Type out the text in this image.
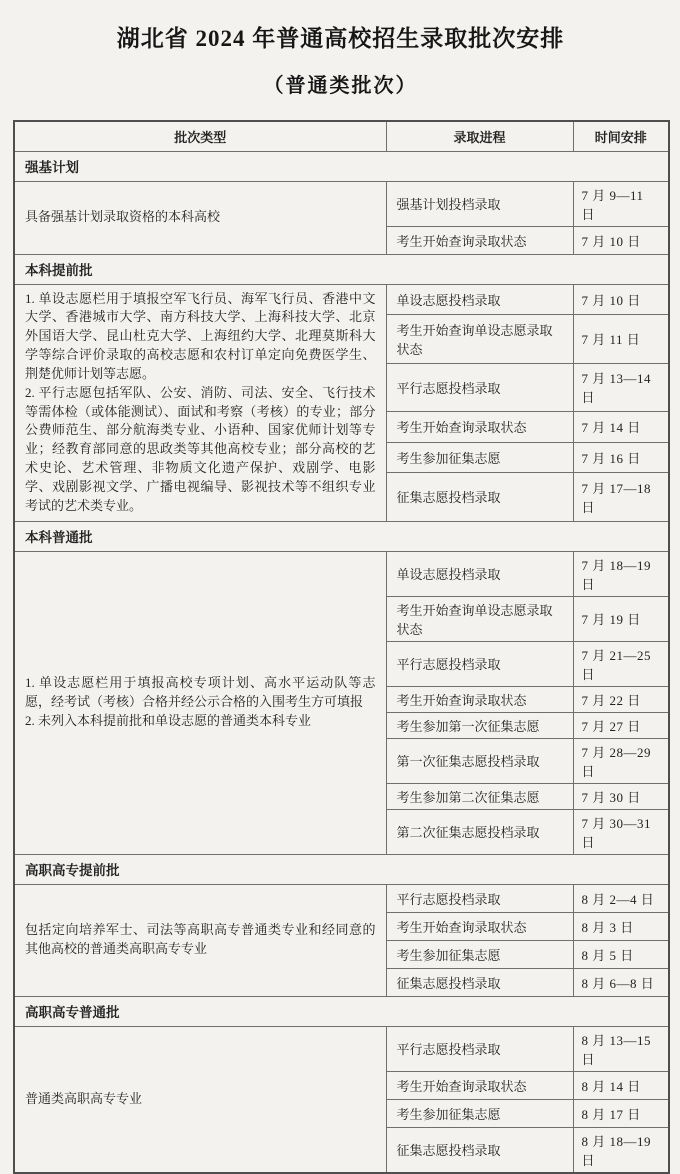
湖北省 2024 年普通高校招生录取批次安排
（普通类批次）
批次类型	录取进程	时间安排
强基计划		

具备强基计划录取资格的本科高校	强基计划投档录取	7 月 9—11 日
	考生开始查询录取状态	7 月 10 日
本科提前批		

1. 单设志愿栏用于填报空军飞行员、海军飞行员、香港中文大学、香港城市大学、南方科技大学、上海科技大学、北京外国语大学、昆山杜克大学、上海纽约大学、北理莫斯科大学等综合评价录取的高校志愿和农村订单定向免费医学生、荆楚优师计划等志愿。
2. 平行志愿包括军队、公安、消防、司法、安全、飞行技术等需体检（或体能测试）、面试和考察（考核）的专业；部分公费师范生、部分航海类专业、小语种、国家优师计划等专业；经教育部同意的思政类等其他高校专业；部分高校的艺术史论、艺术管理、非物质文化遗产保护、戏剧学、电影学、戏剧影视文学、广播电视编导、影视技术等不组织专业考试的艺术类专业。	单设志愿投档录取	7 月 10 日
	考生开始查询单设志愿录取状态	7 月 11 日
	平行志愿投档录取	7 月 13—14 日
	考生开始查询录取状态	7 月 14 日
	考生参加征集志愿	7 月 16 日
	征集志愿投档录取	7 月 17—18 日
本科普通批		

1. 单设志愿栏用于填报高校专项计划、高水平运动队等志愿，经考试（考核）合格并经公示合格的入围考生方可填报
2. 未列入本科提前批和单设志愿的普通类本科专业	单设志愿投档录取	7 月 18—19 日
	考生开始查询单设志愿录取状态	7 月 19 日
	平行志愿投档录取	7 月 21—25 日
	考生开始查询录取状态	7 月 22 日
	考生参加第一次征集志愿	7 月 27 日
	第一次征集志愿投档录取	7 月 28—29 日
	考生参加第二次征集志愿	7 月 30 日
	第二次征集志愿投档录取	7 月 30—31 日
高职高专提前批		

包括定向培养军士、司法等高职高专普通类专业和经同意的其他高校的普通类高职高专专业	平行志愿投档录取	8 月 2—4 日
	考生开始查询录取状态	8 月 3 日
	考生参加征集志愿	8 月 5 日
	征集志愿投档录取	8 月 6—8 日
高职高专普通批		

普通类高职高专专业	平行志愿投档录取	8 月 13—15 日
	考生开始查询录取状态	8 月 14 日
	考生参加征集志愿	8 月 17 日
	征集志愿投档录取	8 月 18—19 日
